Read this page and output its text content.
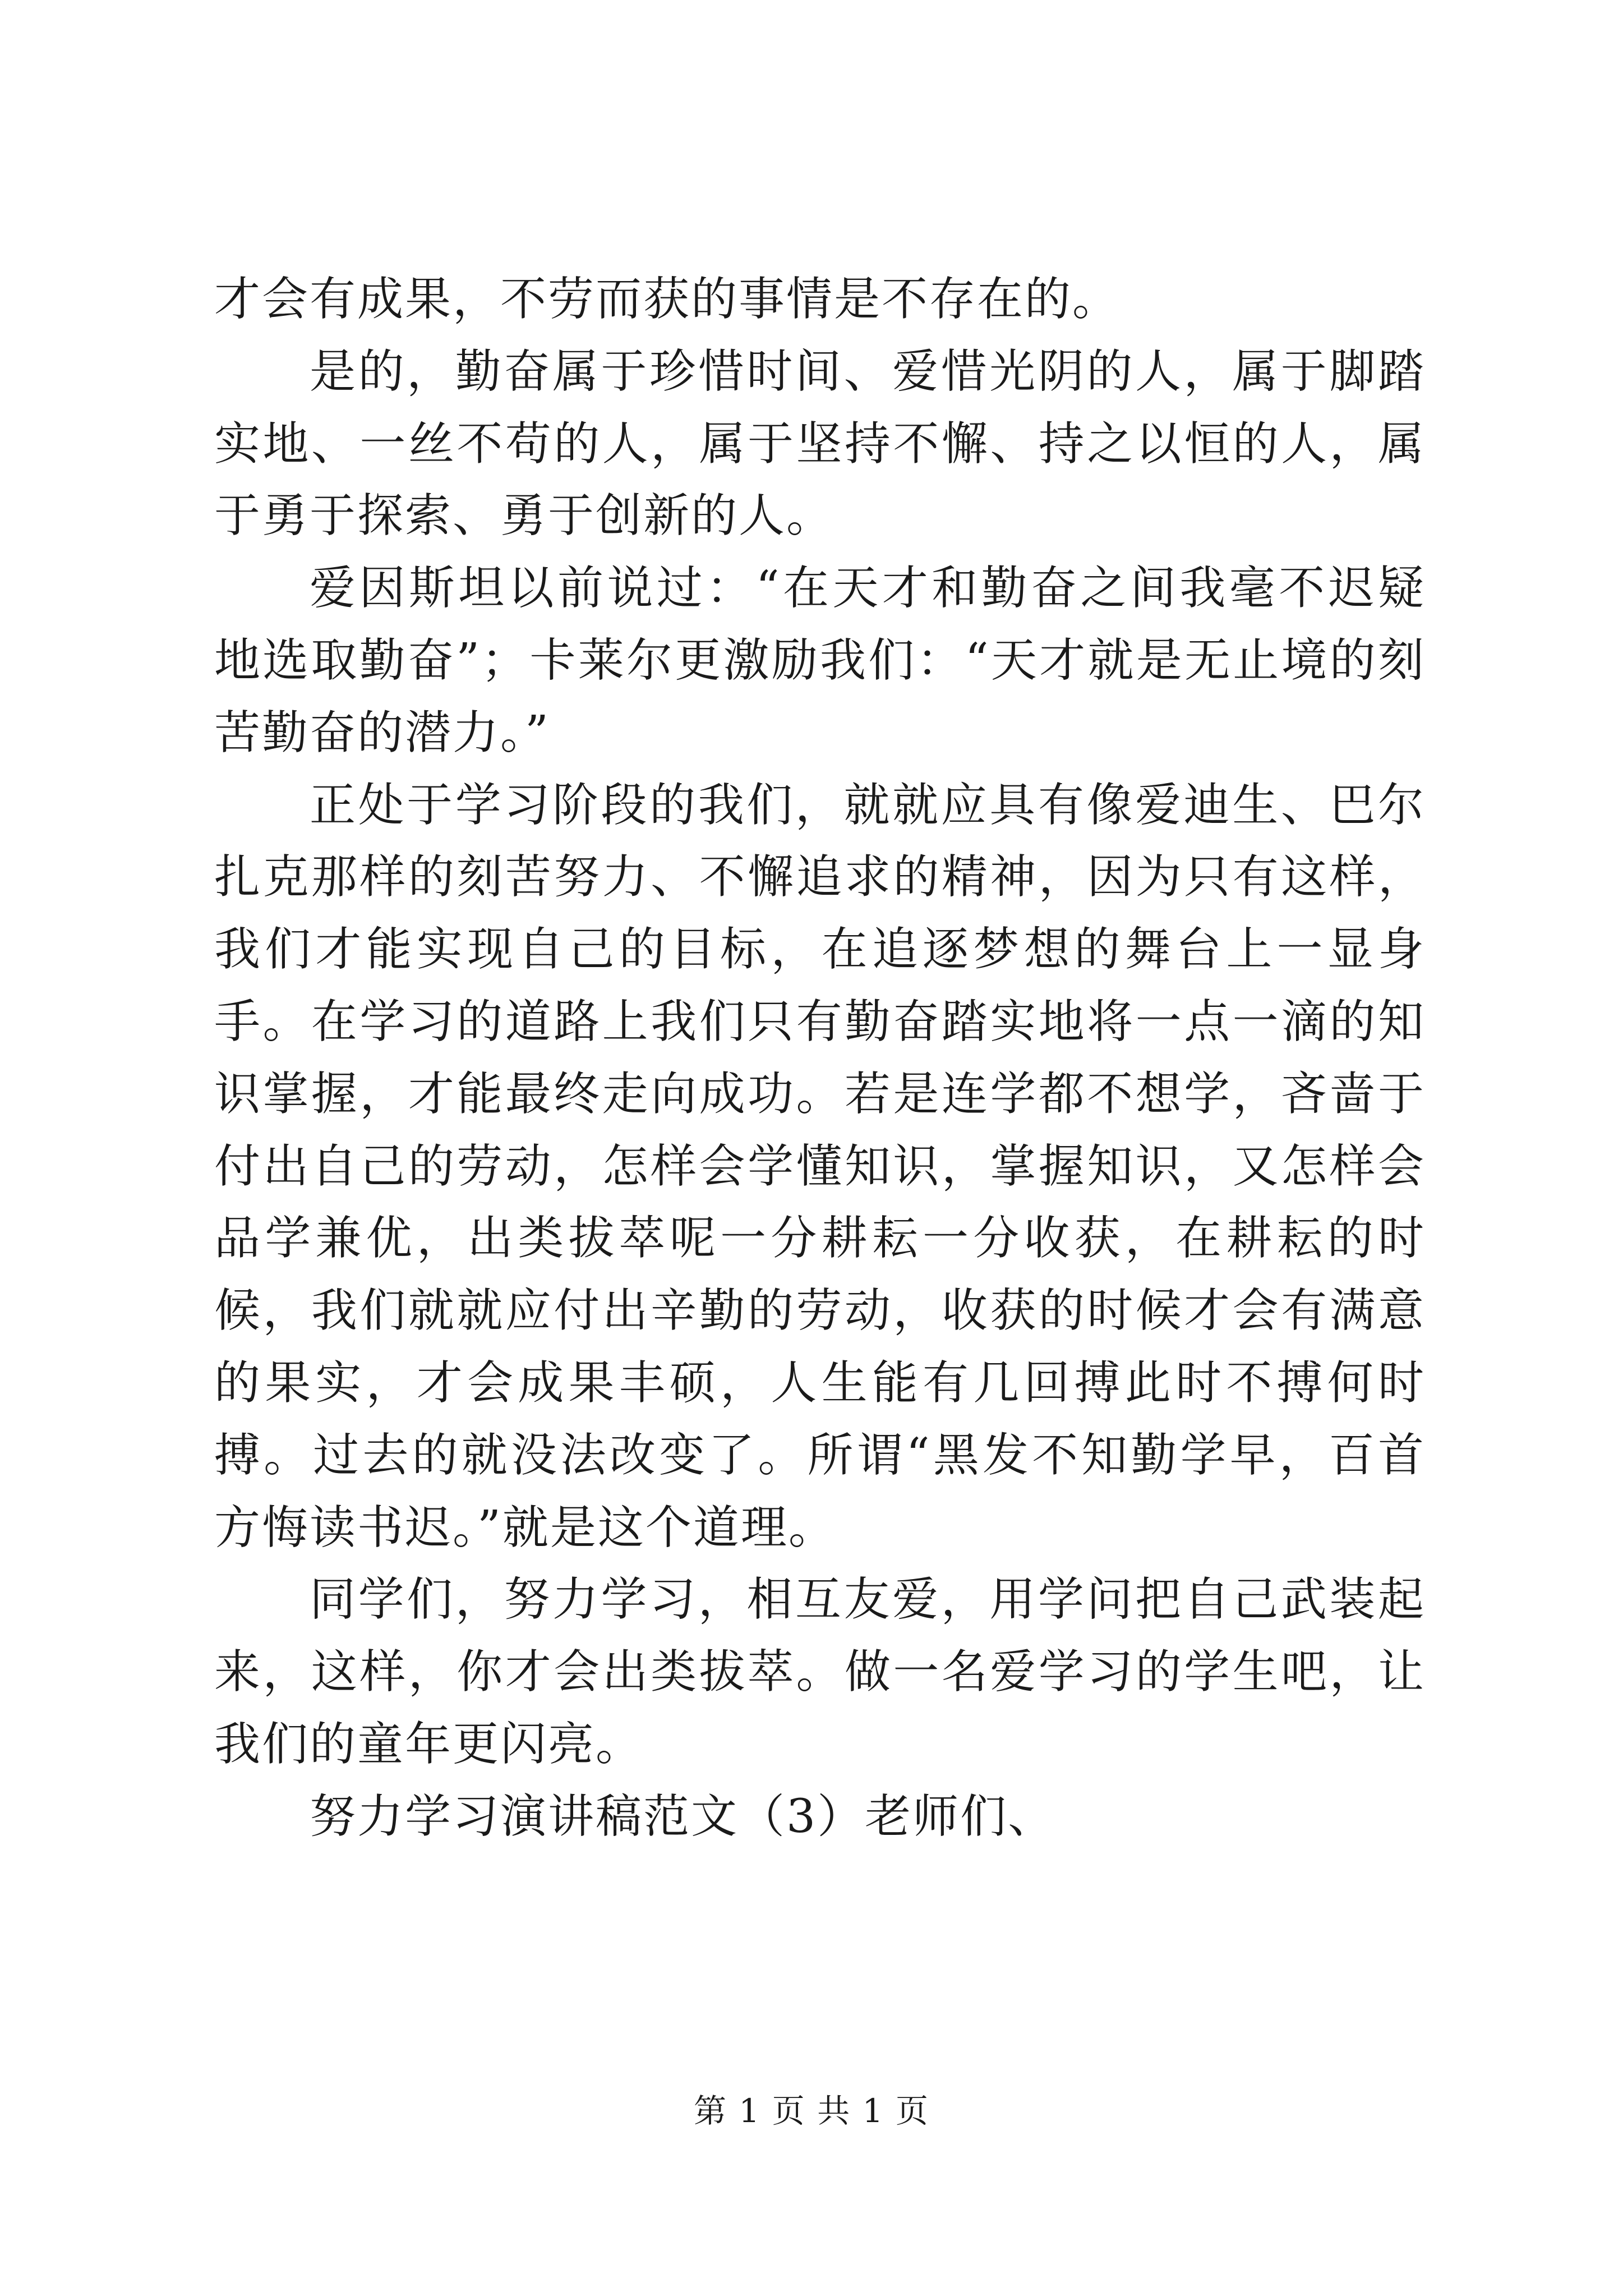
才会有成果，不劳而获的事情是不存在的。

是的，勤奋属于珍惜时间、爱惜光阴的人，属于脚踏实地、一丝不苟的人，属于坚持不懈、持之以恒的人，属于勇于探索、勇于创新的人。

爱因斯坦以前说过：“在天才和勤奋之间我毫不迟疑地选取勤奋”；卡莱尔更激励我们：“天才就是无止境的刻苦勤奋的潜力。”

正处于学习阶段的我们，就就应具有像爱迪生、巴尔扎克那样的刻苦努力、不懈追求的精神，因为只有这样，我们才能实现自己的目标，在追逐梦想的舞台上一显身手。在学习的道路上我们只有勤奋踏实地将一点一滴的知识掌握，才能最终走向成功。若是连学都不想学，吝啬于付出自己的劳动，怎样会学懂知识，掌握知识，又怎样会品学兼优，出类拔萃呢一分耕耘一分收获，在耕耘的时候，我们就就应付出辛勤的劳动，收获的时候才会有满意的果实，才会成果丰硕，人生能有几回搏此时不搏何时搏。过去的就没法改变了。所谓“黑发不知勤学早，百首方悔读书迟。”就是这个道理。

同学们，努力学习，相互友爱，用学问把自己武装起来，这样，你才会出类拔萃。做一名爱学习的学生吧，让我们的童年更闪亮。

努力学习演讲稿范文（3）老师们、

第 1 页 共 1 页
